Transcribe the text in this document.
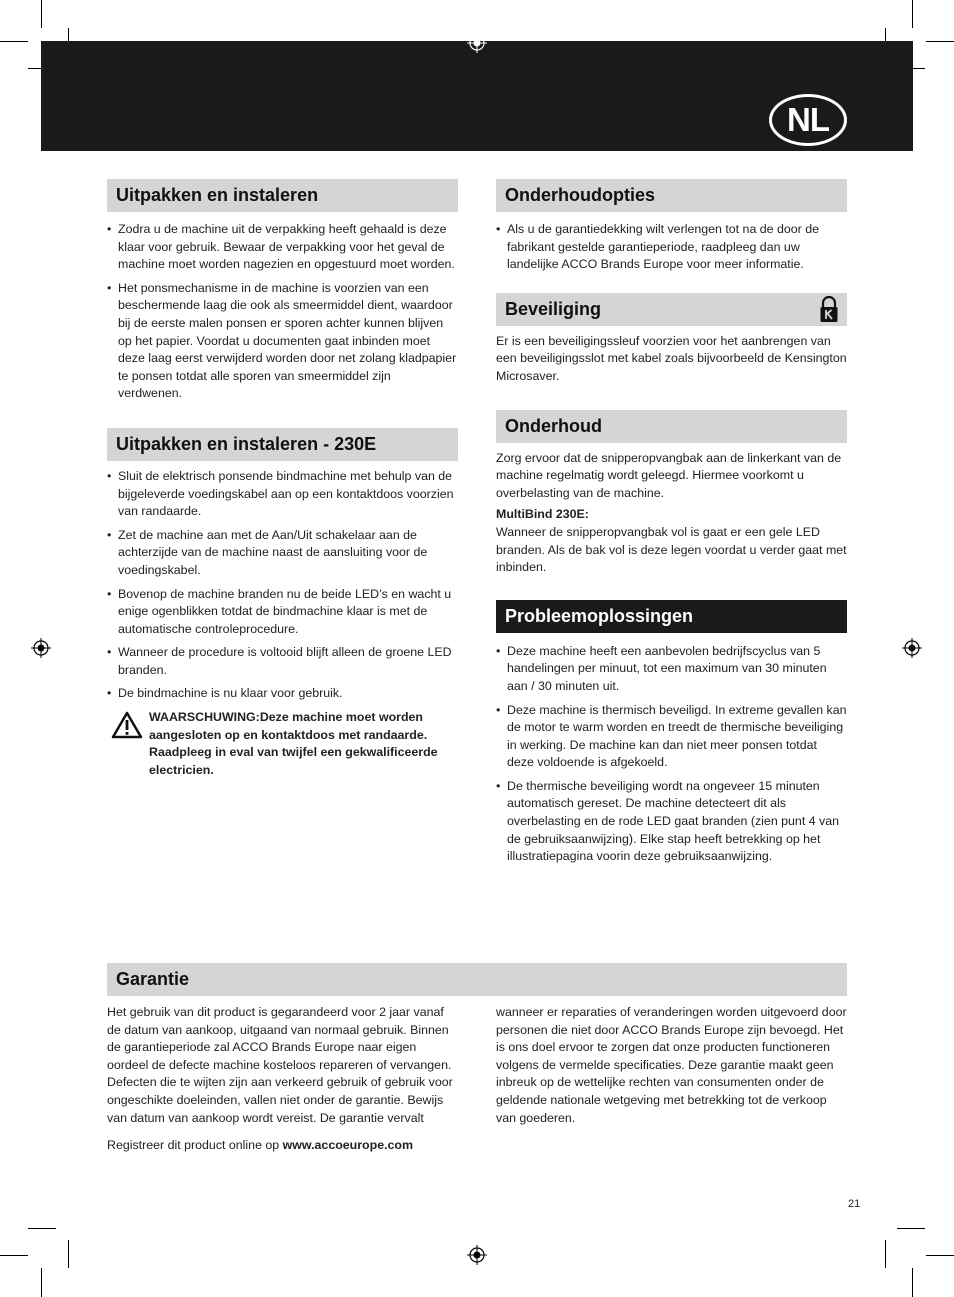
NL
Uitpakken en instaleren
• Zodra u de machine uit de verpakking heeft gehaald is deze klaar voor gebruik. Bewaar de verpakking voor het geval de machine moet worden nagezien en opgestuurd moet worden.
• Het ponsmechanisme in de machine is voorzien van een beschermende laag die ook als smeermiddel dient, waardoor bij de eerste malen ponsen er sporen achter kunnen blijven op het papier. Voordat u documenten gaat inbinden moet deze laag eerst verwijderd worden door net zolang kladpapier te ponsen totdat alle sporen van smeermiddel zijn verdwenen.
Uitpakken en instaleren - 230E
• Sluit de elektrisch ponsende bindmachine met behulp van de bijgeleverde voedingskabel aan op een kontaktdoos voorzien van randaarde.
• Zet de machine aan met de Aan/Uit schakelaar aan de achterzijde van de machine naast de aansluiting voor de voedingskabel.
• Bovenop de machine branden nu de beide LED’s en wacht u enige ogenblikken totdat de bindmachine klaar is met de automatische controleprocedure.
• Wanneer de procedure is voltooid blijft alleen de groene LED branden.
• De bindmachine is nu klaar voor gebruik.
WAARSCHUWING:Deze machine moet worden aangesloten op en kontaktdoos met randaarde. Raadpleeg in eval van twijfel een gekwalificeerde electricien.
Onderhoudopties
• Als u de garantiedekking wilt verlengen tot na de door de fabrikant gestelde garantieperiode, raadpleeg dan uw landelijke ACCO Brands Europe voor meer informatie.
Beveiliging
Er is een beveiligingssleuf voorzien voor het aanbrengen van een beveiligingsslot met kabel zoals bijvoorbeeld de Kensington Microsaver.
Onderhoud
Zorg ervoor dat de snipperopvangbak aan de linkerkant van de machine regelmatig wordt geleegd. Hiermee voorkomt u overbelasting van de machine.
MultiBind 230E:
Wanneer de snipperopvangbak vol is gaat er een gele LED branden. Als de bak vol is deze legen voordat u verder gaat met inbinden.
Probleemoplossingen
• Deze machine heeft een aanbevolen bedrijfscyclus van 5 handelingen per minuut, tot een maximum van 30 minuten aan / 30 minuten uit.
• Deze machine is thermisch beveiligd. In extreme gevallen kan de motor te warm worden en treedt de thermische beveiliging in werking. De machine kan dan niet meer ponsen totdat deze voldoende is afgekoeld.
• De thermische beveiliging wordt na ongeveer 15 minuten automatisch gereset. De machine detecteert dit als overbelasting en de rode LED gaat branden (zien punt 4 van de gebruiksaanwijzing). Elke stap heeft betrekking op het illustratiepagina voorin deze gebruiksaanwijzing.
Garantie
Het gebruik van dit product is gegarandeerd voor 2 jaar vanaf de datum van aankoop, uitgaand van normaal gebruik. Binnen de garantieperiode zal ACCO Brands Europe naar eigen oordeel de defecte machine kosteloos repareren of vervangen. Defecten die te wijten zijn aan verkeerd gebruik of gebruik voor ongeschikte doeleinden, vallen niet onder de garantie. Bewijs van datum van aankoop wordt vereist. De garantie vervalt
wanneer er reparaties of veranderingen worden uitgevoerd door personen die niet door ACCO Brands Europe zijn bevoegd. Het is ons doel ervoor te zorgen dat onze producten functioneren volgens de vermelde specificaties. Deze garantie maakt geen inbreuk op de wettelijke rechten van consumenten onder de geldende nationale wetgeving met betrekking tot de verkoop van goederen.
Registreer dit product online op www.accoeurope.com
21
